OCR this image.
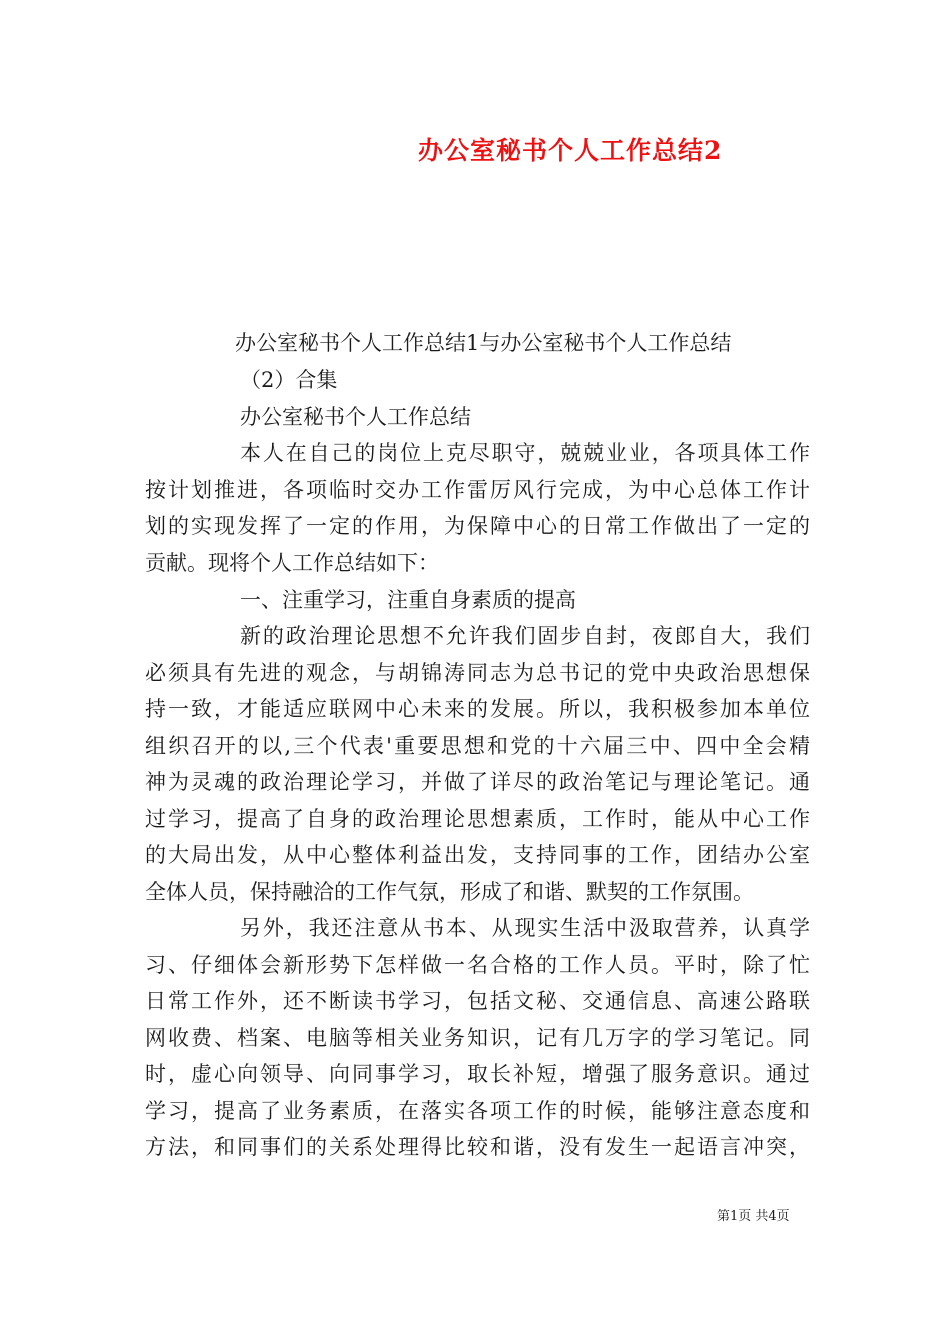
办公室秘书个人工作总结2
办公室秘书个人工作总结1与办公室秘书个人工作总结
（2）合集
办公室秘书个人工作总结
本人在自己的岗位上克尽职守，兢兢业业，各项具体工作
按计划推进，各项临时交办工作雷厉风行完成，为中心总体工作计
划的实现发挥了一定的作用，为保障中心的日常工作做出了一定的
贡献。现将个人工作总结如下：
一、注重学习，注重自身素质的提高
新的政治理论思想不允许我们固步自封，夜郎自大，我们
必须具有先进的观念，与胡锦涛同志为总书记的党中央政治思想保
持一致，才能适应联网中心未来的发展。所以，我积极参加本单位
组织召开的以,三个代表'重要思想和党的十六届三中、四中全会精
神为灵魂的政治理论学习，并做了详尽的政治笔记与理论笔记。通
过学习，提高了自身的政治理论思想素质，工作时，能从中心工作
的大局出发，从中心整体利益出发，支持同事的工作，团结办公室
全体人员，保持融洽的工作气氛，形成了和谐、默契的工作氛围。
另外，我还注意从书本、从现实生活中汲取营养，认真学
习、仔细体会新形势下怎样做一名合格的工作人员。平时，除了忙
日常工作外，还不断读书学习，包括文秘、交通信息、高速公路联
网收费、档案、电脑等相关业务知识，记有几万字的学习笔记。同
时，虚心向领导、向同事学习，取长补短，增强了服务意识。通过
学习，提高了业务素质，在落实各项工作的时候，能够注意态度和
方法，和同事们的关系处理得比较和谐，没有发生一起语言冲突，
第1页 共4页
